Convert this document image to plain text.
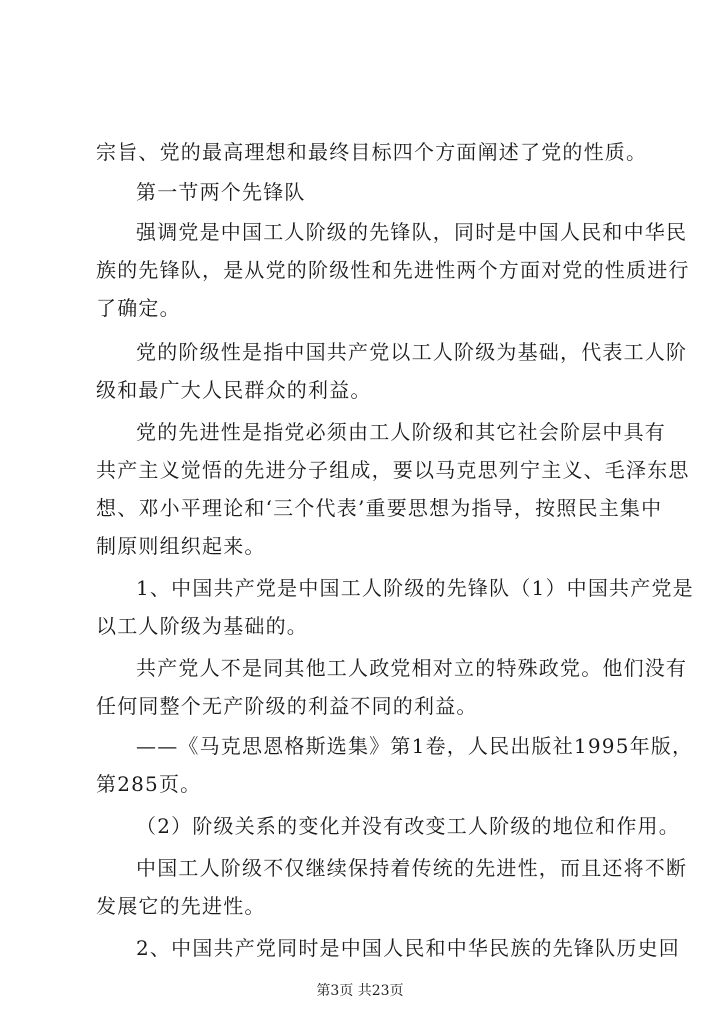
宗旨、党的最高理想和最终目标四个方面阐述了党的性质。
第一节两个先锋队
强调党是中国工人阶级的先锋队，同时是中国人民和中华民
族的先锋队，是从党的阶级性和先进性两个方面对党的性质进行
了确定。
党的阶级性是指中国共产党以工人阶级为基础，代表工人阶
级和最广大人民群众的利益。
党的先进性是指党必须由工人阶级和其它社会阶层中具有
共产主义觉悟的先进分子组成，要以马克思列宁主义、毛泽东思
想、邓小平理论和‘三个代表’重要思想为指导，按照民主集中
制原则组织起来。
1、中国共产党是中国工人阶级的先锋队（1）中国共产党是
以工人阶级为基础的。
共产党人不是同其他工人政党相对立的特殊政党。他们没有
任何同整个无产阶级的利益不同的利益。
——《马克思恩格斯选集》第1卷，人民出版社1995年版，
第285页。
（2）阶级关系的变化并没有改变工人阶级的地位和作用。
中国工人阶级不仅继续保持着传统的先进性，而且还将不断
发展它的先进性。
2、中国共产党同时是中国人民和中华民族的先锋队历史回
第3页 共23页
